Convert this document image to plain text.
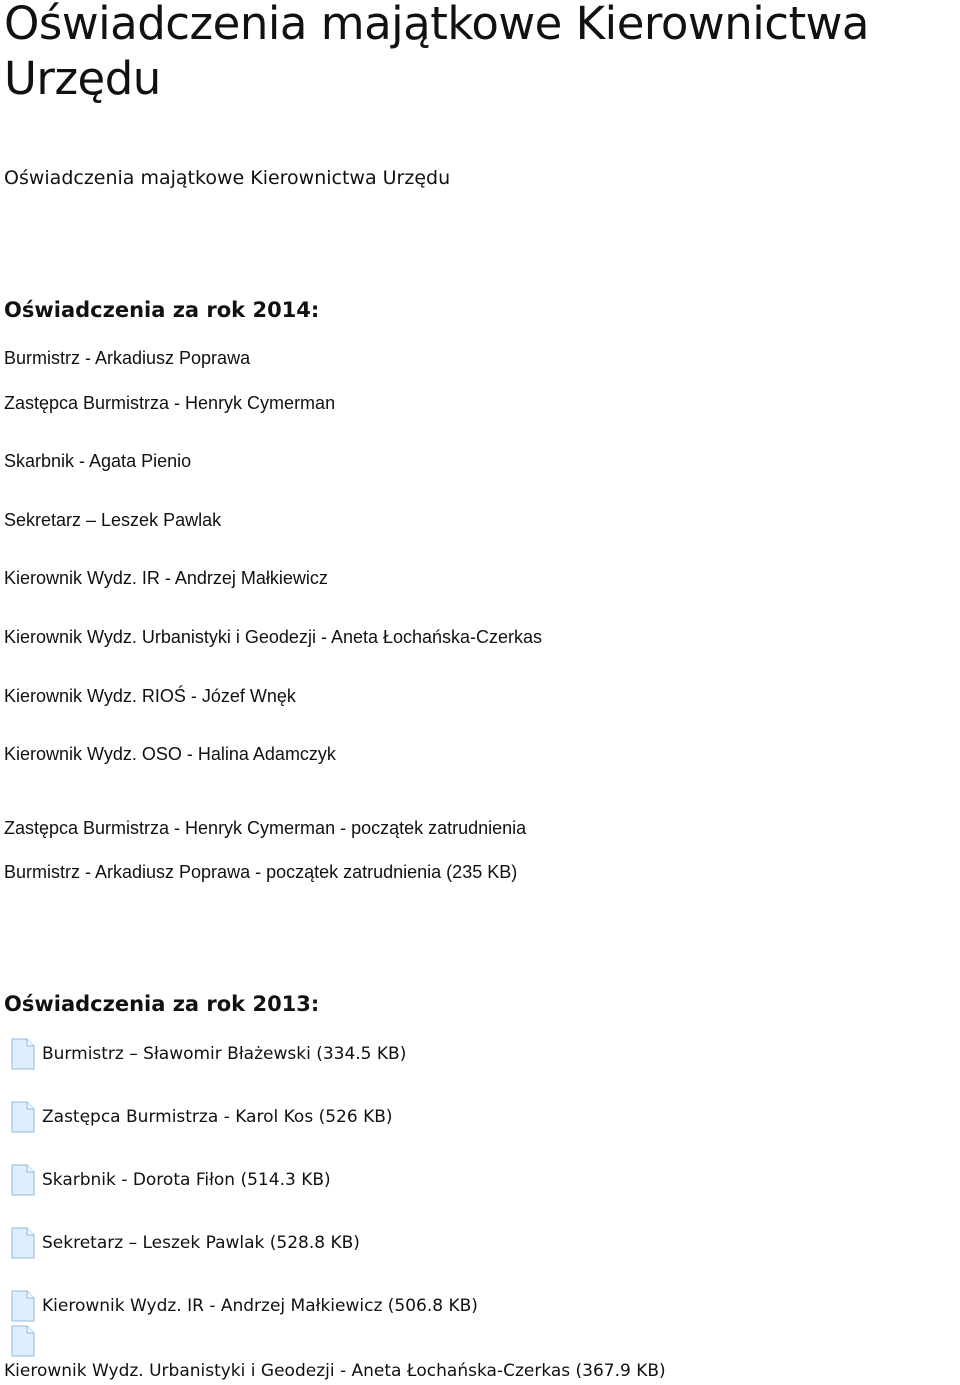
Oświadczenia majątkowe Kierownictwa Urzędu
Oświadczenia majątkowe Kierownictwa Urzędu
Oświadczenia za rok 2014:
Burmistrz - Arkadiusz Poprawa
Zastępca Burmistrza - Henryk Cymerman
Skarbnik - Agata Pienio
Sekretarz – Leszek Pawlak
Kierownik Wydz. IR - Andrzej Małkiewicz
Kierownik Wydz. Urbanistyki i Geodezji - Aneta Łochańska-Czerkas
Kierownik Wydz. RIOŚ - Józef Wnęk
Kierownik Wydz. OSO - Halina Adamczyk
Zastępca Burmistrza - Henryk Cymerman - początek zatrudnienia
Burmistrz - Arkadiusz Poprawa - początek zatrudnienia (235 KB)
Oświadczenia za rok 2013:
Burmistrz – Sławomir Błażewski (334.5 KB)
Zastępca Burmistrza - Karol Kos (526 KB)
Skarbnik - Dorota Fiłon (514.3 KB)
Sekretarz – Leszek Pawlak (528.8 KB)
Kierownik Wydz. IR - Andrzej Małkiewicz (506.8 KB)
Kierownik Wydz. Urbanistyki i Geodezji - Aneta Łochańska-Czerkas (367.9 KB)
